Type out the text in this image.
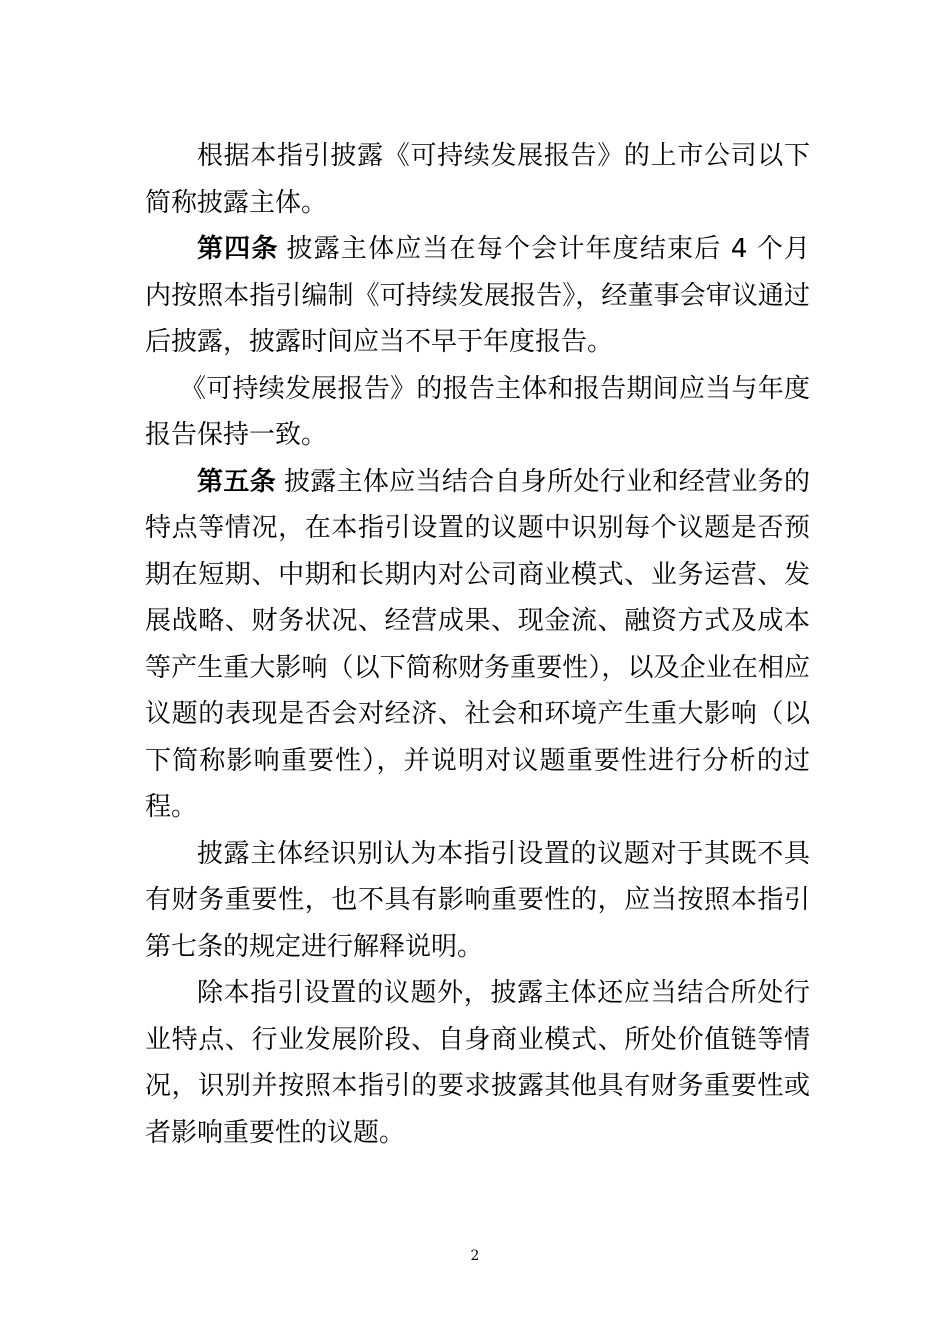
根据本指引披露《可持续发展报告》的上市公司以下简称披露主体。

第四条 披露主体应当在每个会计年度结束后 4 个月内按照本指引编制《可持续发展报告》，经董事会审议通过后披露，披露时间应当不早于年度报告。

《可持续发展报告》的报告主体和报告期间应当与年度报告保持一致。

第五条 披露主体应当结合自身所处行业和经营业务的特点等情况，在本指引设置的议题中识别每个议题是否预期在短期、中期和长期内对公司商业模式、业务运营、发展战略、财务状况、经营成果、现金流、融资方式及成本等产生重大影响（以下简称财务重要性），以及企业在相应议题的表现是否会对经济、社会和环境产生重大影响（以下简称影响重要性），并说明对议题重要性进行分析的过程。

披露主体经识别认为本指引设置的议题对于其既不具有财务重要性，也不具有影响重要性的，应当按照本指引第七条的规定进行解释说明。

除本指引设置的议题外，披露主体还应当结合所处行业特点、行业发展阶段、自身商业模式、所处价值链等情况，识别并按照本指引的要求披露其他具有财务重要性或者影响重要性的议题。

2
